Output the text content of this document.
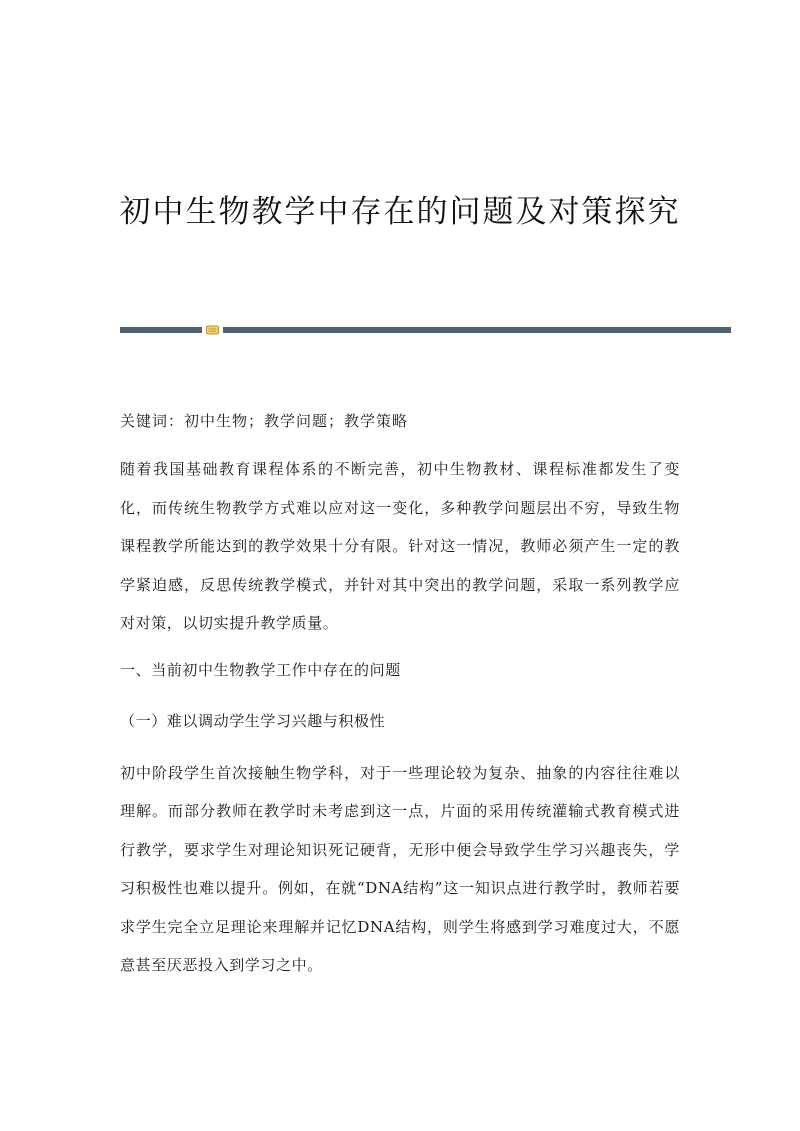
初中生物教学中存在的问题及对策探究

关键词：初中生物；教学问题；教学策略

随着我国基础教育课程体系的不断完善，初中生物教材、课程标准都发生了变化，而传统生物教学方式难以应对这一变化，多种教学问题层出不穷，导致生物课程教学所能达到的教学效果十分有限。针对这一情况，教师必须产生一定的教学紧迫感，反思传统教学模式，并针对其中突出的教学问题，采取一系列教学应对对策，以切实提升教学质量。

一、当前初中生物教学工作中存在的问题

（一）难以调动学生学习兴趣与积极性

初中阶段学生首次接触生物学科，对于一些理论较为复杂、抽象的内容往往难以理解。而部分教师在教学时未考虑到这一点，片面的采用传统灌输式教育模式进行教学，要求学生对理论知识死记硬背，无形中便会导致学生学习兴趣丧失，学习积极性也难以提升。例如，在就“DNA结构”这一知识点进行教学时，教师若要求学生完全立足理论来理解并记忆DNA结构，则学生将感到学习难度过大，不愿意甚至厌恶投入到学习之中。
